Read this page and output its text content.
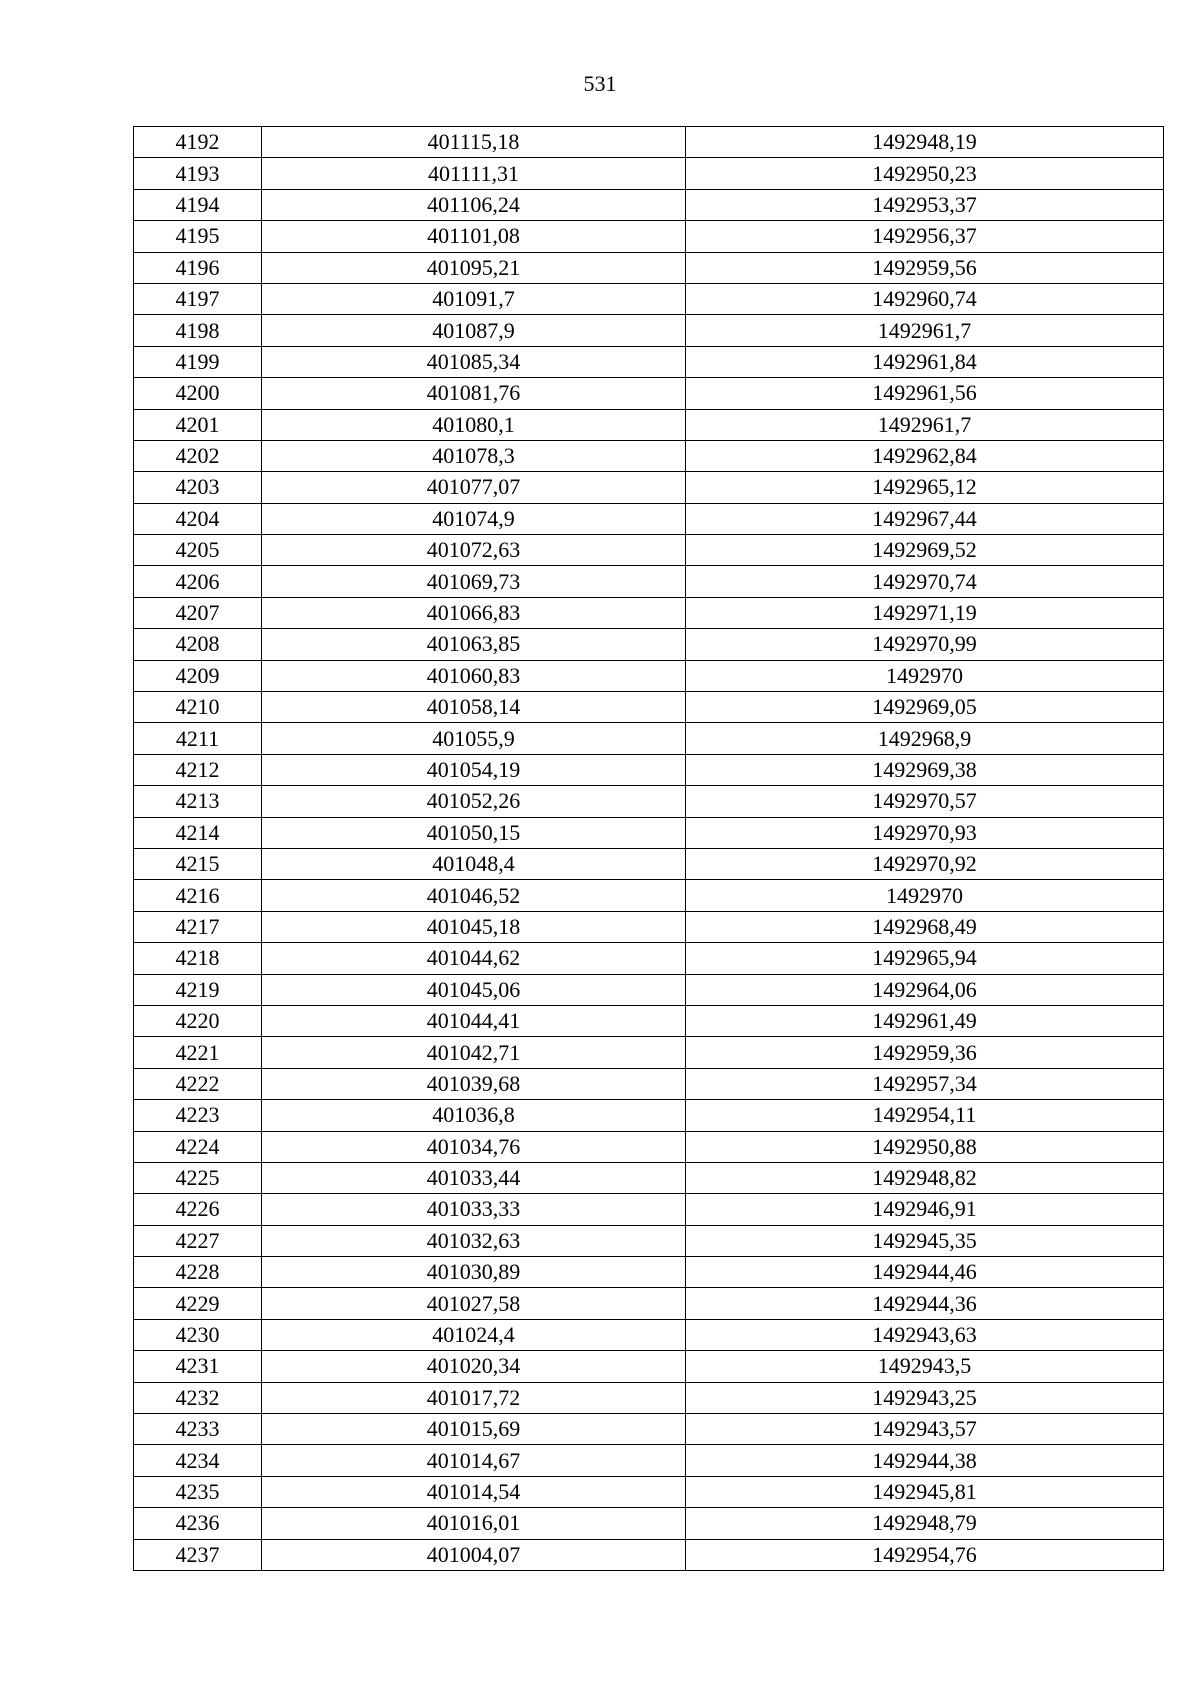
531
4192	401115,18	1492948,19
4193	401111,31	1492950,23
4194	401106,24	1492953,37
4195	401101,08	1492956,37
4196	401095,21	1492959,56
4197	401091,7	1492960,74
4198	401087,9	1492961,7
4199	401085,34	1492961,84
4200	401081,76	1492961,56
4201	401080,1	1492961,7
4202	401078,3	1492962,84
4203	401077,07	1492965,12
4204	401074,9	1492967,44
4205	401072,63	1492969,52
4206	401069,73	1492970,74
4207	401066,83	1492971,19
4208	401063,85	1492970,99
4209	401060,83	1492970
4210	401058,14	1492969,05
4211	401055,9	1492968,9
4212	401054,19	1492969,38
4213	401052,26	1492970,57
4214	401050,15	1492970,93
4215	401048,4	1492970,92
4216	401046,52	1492970
4217	401045,18	1492968,49
4218	401044,62	1492965,94
4219	401045,06	1492964,06
4220	401044,41	1492961,49
4221	401042,71	1492959,36
4222	401039,68	1492957,34
4223	401036,8	1492954,11
4224	401034,76	1492950,88
4225	401033,44	1492948,82
4226	401033,33	1492946,91
4227	401032,63	1492945,35
4228	401030,89	1492944,46
4229	401027,58	1492944,36
4230	401024,4	1492943,63
4231	401020,34	1492943,5
4232	401017,72	1492943,25
4233	401015,69	1492943,57
4234	401014,67	1492944,38
4235	401014,54	1492945,81
4236	401016,01	1492948,79
4237	401004,07	1492954,76
